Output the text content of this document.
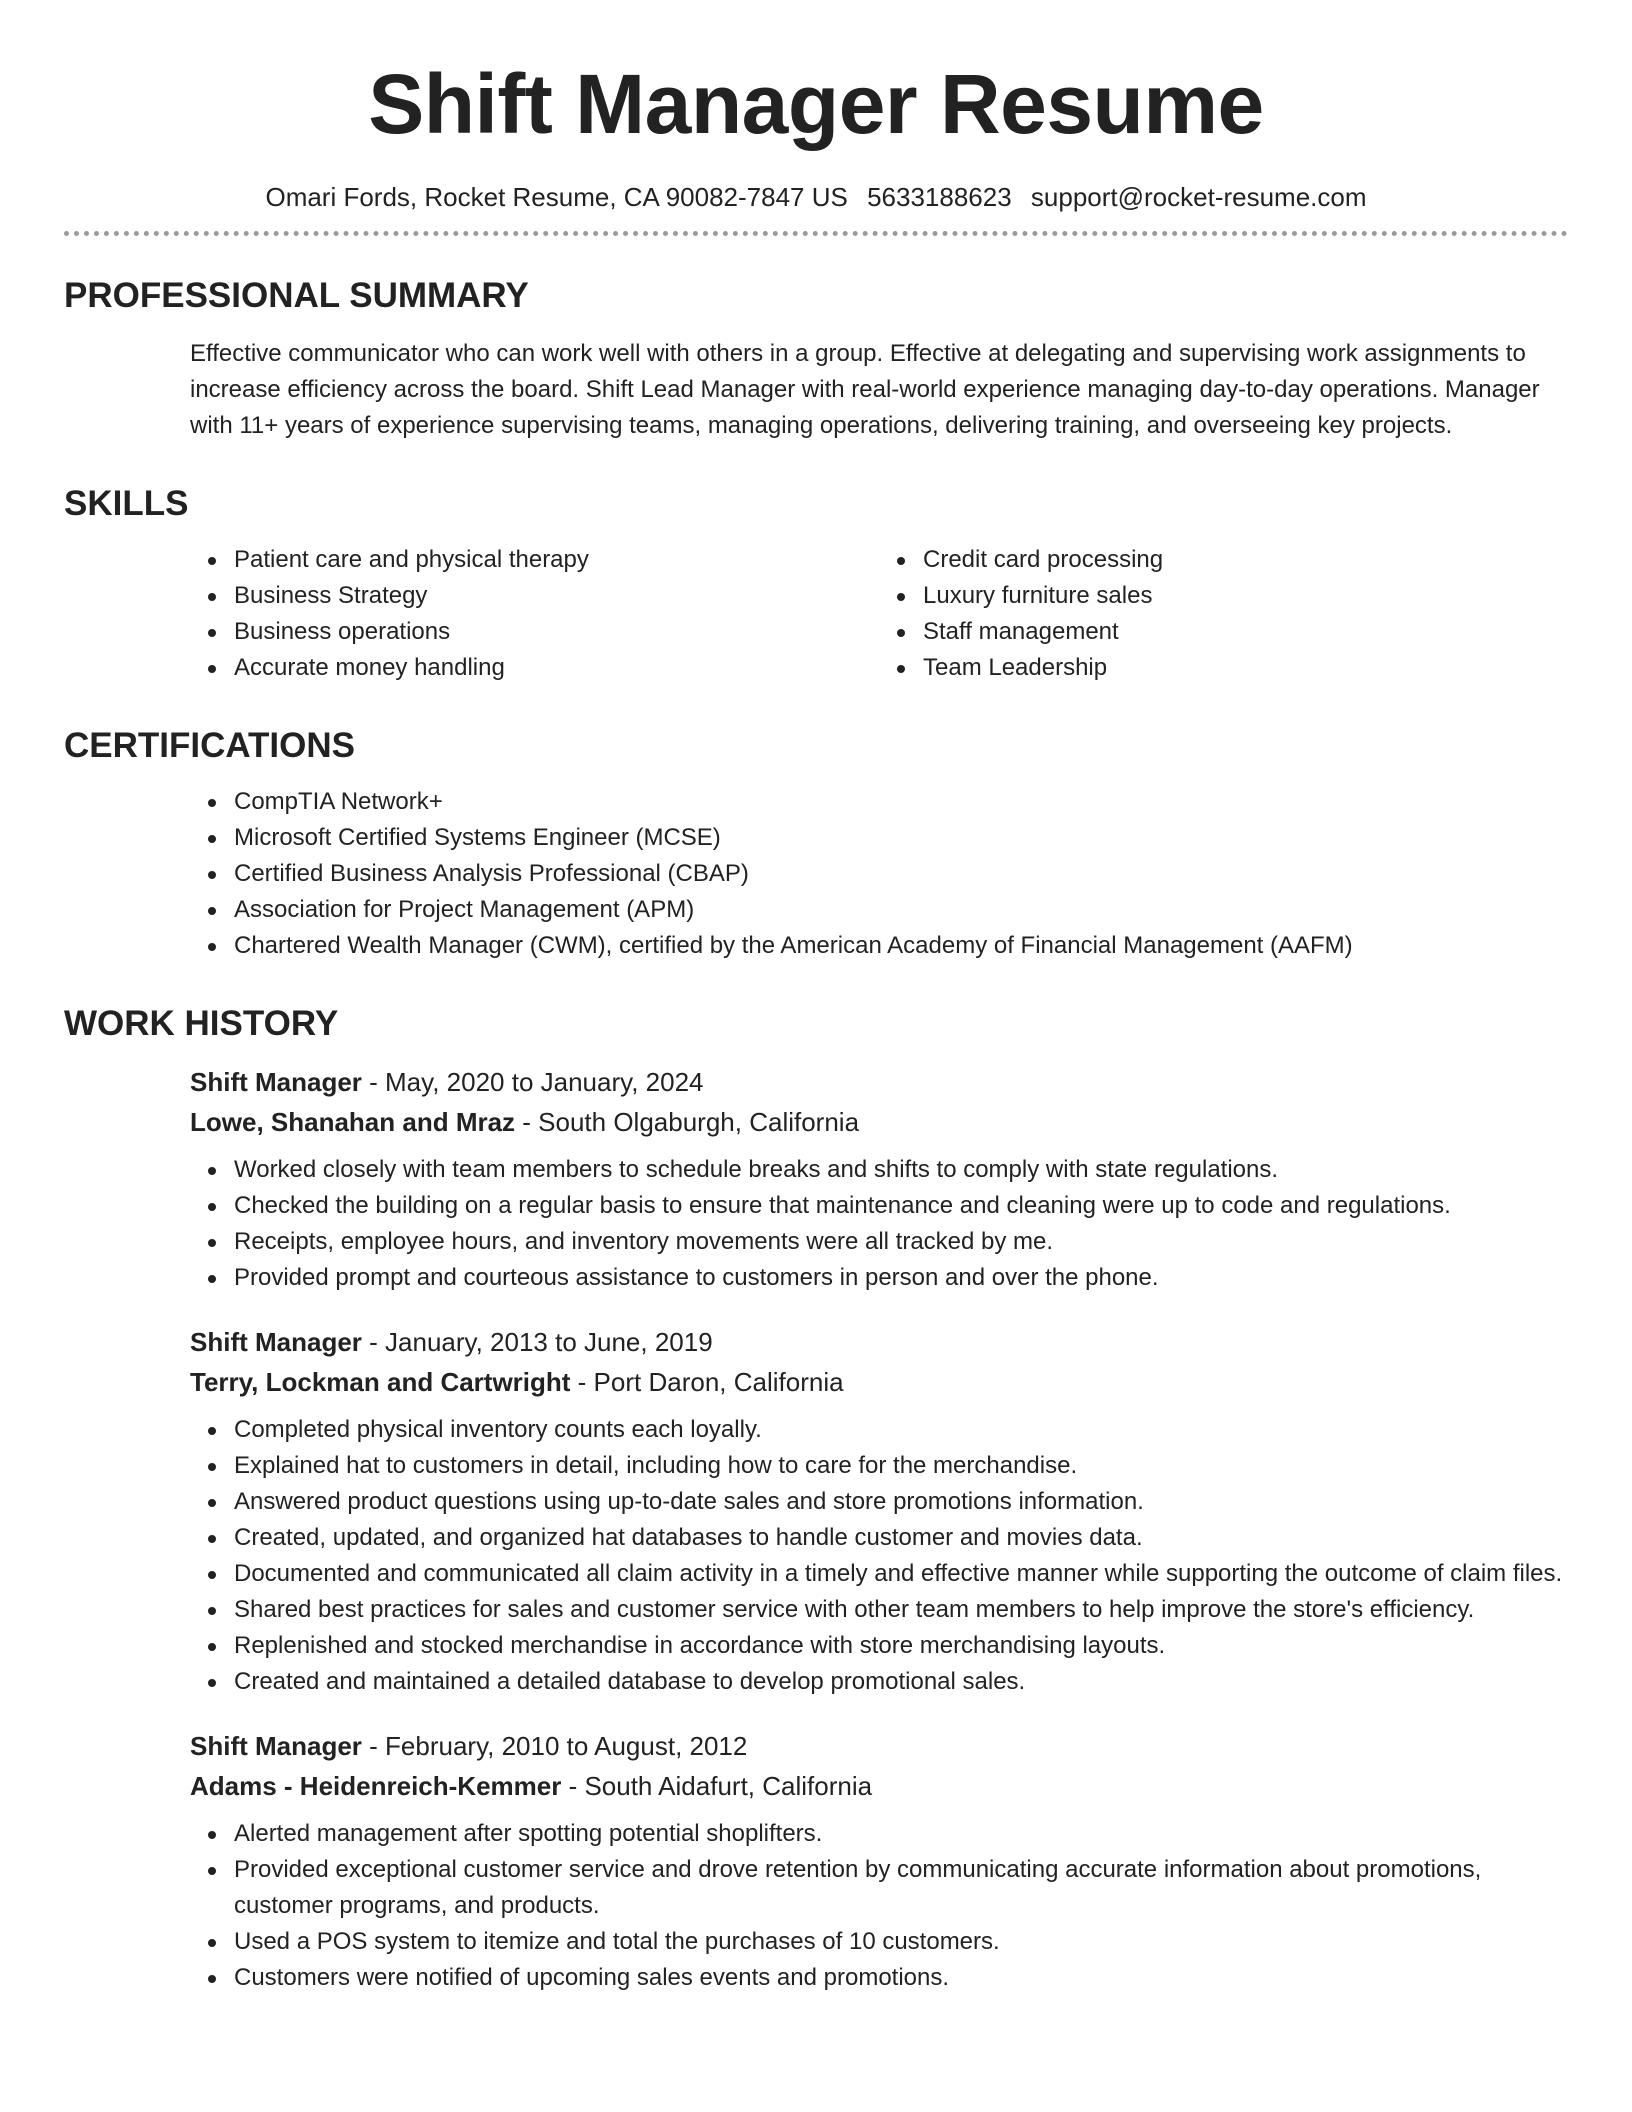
Shift Manager Resume
Omari Fords, Rocket Resume, CA 90082-7847 US 5633188623 support@rocket-resume.com
PROFESSIONAL SUMMARY

Effective communicator who can work well with others in a group. Effective at delegating and supervising work assignments to increase efficiency across the board. Shift Lead Manager with real-world experience managing day-to-day operations. Manager with 11+ years of experience supervising teams, managing operations, delivering training, and overseeing key projects.

SKILLS
Patient care and physical therapy
Business Strategy
Business operations
Accurate money handling
Credit card processing
Luxury furniture sales
Staff management
Team Leadership
CERTIFICATIONS
CompTIA Network+
Microsoft Certified Systems Engineer (MCSE)
Certified Business Analysis Professional (CBAP)
Association for Project Management (APM)
Chartered Wealth Manager (CWM), certified by the American Academy of Financial Management (AAFM)
WORK HISTORY
Shift Manager - May, 2020 to January, 2024
Lowe, Shanahan and Mraz - South Olgaburgh, California
Worked closely with team members to schedule breaks and shifts to comply with state regulations.
Checked the building on a regular basis to ensure that maintenance and cleaning were up to code and regulations.
Receipts, employee hours, and inventory movements were all tracked by me.
Provided prompt and courteous assistance to customers in person and over the phone.
Shift Manager - January, 2013 to June, 2019
Terry, Lockman and Cartwright - Port Daron, California
Completed physical inventory counts each loyally.
Explained hat to customers in detail, including how to care for the merchandise.
Answered product questions using up-to-date sales and store promotions information.
Created, updated, and organized hat databases to handle customer and movies data.
Documented and communicated all claim activity in a timely and effective manner while supporting the outcome of claim files.
Shared best practices for sales and customer service with other team members to help improve the store's efficiency.
Replenished and stocked merchandise in accordance with store merchandising layouts.
Created and maintained a detailed database to develop promotional sales.
Shift Manager - February, 2010 to August, 2012
Adams - Heidenreich-Kemmer - South Aidafurt, California
Alerted management after spotting potential shoplifters.
Provided exceptional customer service and drove retention by communicating accurate information about promotions, customer programs, and products.
Used a POS system to itemize and total the purchases of 10 customers.
Customers were notified of upcoming sales events and promotions.
